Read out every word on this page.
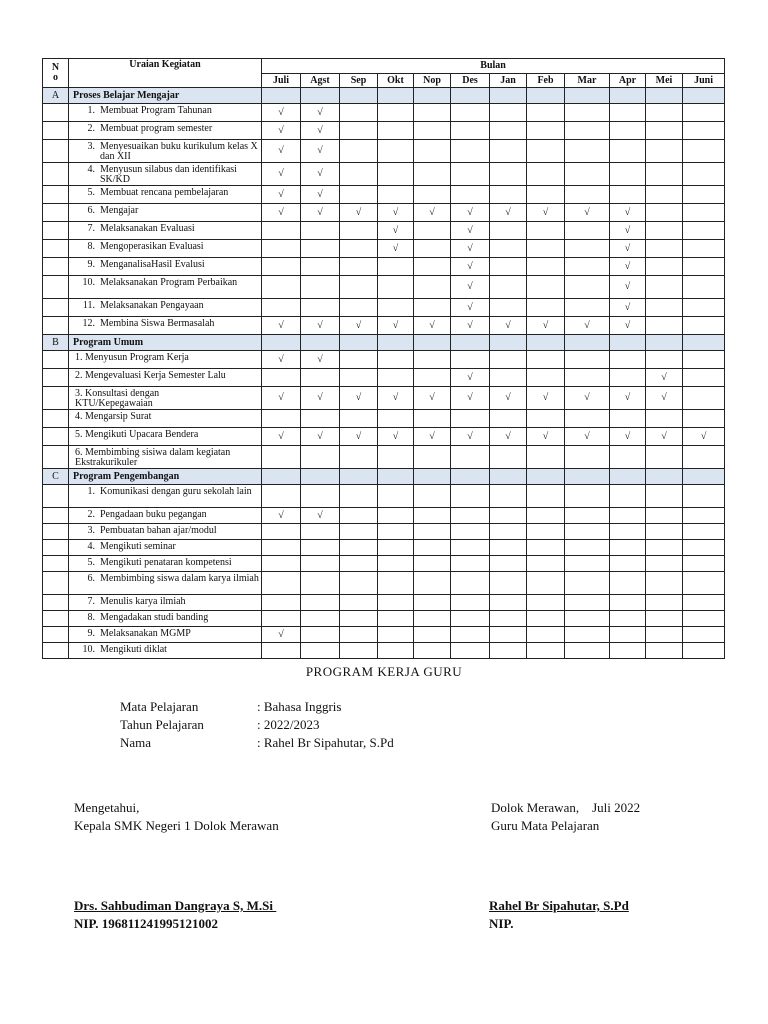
N
o	Uraian Kegiatan	Bulan											
		Juli	Agst	Sep	Okt	Nop	Des	Jan	Feb	Mar	Apr	Mei	Juni
A	Proses Belajar Mengajar												
	1. Membuat Program Tahunan	√	√										
	2. Membuat program semester	√	√										
	3. Menyesuaikan buku kurikulum kelas X dan XII	√	√										
	4. Menyusun silabus dan identifikasi SK/KD	√	√										
	5. Membuat rencana pembelajaran	√	√										
	6. Mengajar	√	√	√	√	√	√	√	√	√	√		
	7. Melaksanakan Evaluasi				√		√				√		
	8. Mengoperasikan Evaluasi				√		√				√		
	9. MenganalisaHasil Evalusi						√				√		
	10. Melaksanakan Program Perbaikan						√				√		
	11. Melaksanakan Pengayaan						√				√		
	12. Membina Siswa Bermasalah	√	√	√	√	√	√	√	√	√	√		
B	Program Umum												
	1. Menyusun Program Kerja	√	√										
	2. Mengevaluasi Kerja Semester Lalu						√					√	
	3. Konsultasi dengan KTU/Kepegawaian	√	√	√	√	√	√	√	√	√	√	√	
	4. Mengarsip Surat												
	5. Mengikuti Upacara Bendera	√	√	√	√	√	√	√	√	√	√	√	√
	6. Membimbing sisiwa dalam kegiatan Ekstrakurikuler												
C	Program Pengembangan												
	1. Komunikasi dengan guru sekolah lain												
	2. Pengadaan buku pegangan	√	√										
	3. Pembuatan bahan ajar/modul												
	4. Mengikuti seminar												
	5. Mengikuti penataran kompetensi												
	6. Membimbing siswa dalam karya ilmiah												
	7. Menulis karya ilmiah												
	8. Mengadakan studi banding												
	9. Melaksanakan MGMP	√											
	10.Mengikuti diklat												
PROGRAM KERJA GURU
Mata Pelajaran	: Bahasa Inggris
Tahun Pelajaran	: 2022/2023
Nama	: Rahel Br Sipahutar, S.Pd
Mengetahui,
Kepala SMK Negeri 1 Dolok Merawan
Drs. Sahbudiman Dangraya S, M.Si
NIP. 196811241995121002
Dolok Merawan,    Juli 2022
Guru Mata Pelajaran
Rahel Br Sipahutar, S.Pd
NIP.
